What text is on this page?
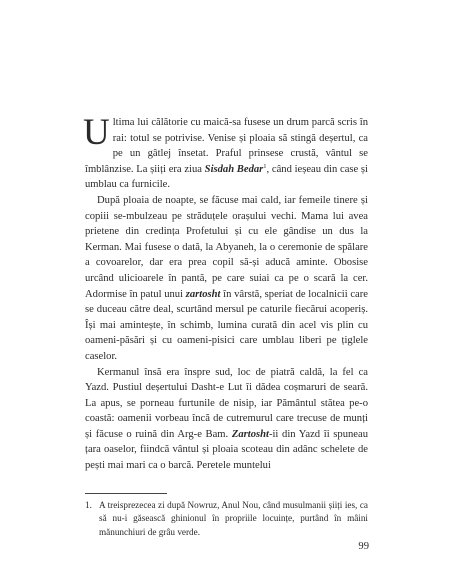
Ultima lui călătorie cu maică-sa fusese un drum parcă scris în rai: totul se potrivise. Venise și ploaia să stingă deșertul, ca pe un gâtlej însetat. Praful prinsese crustă, vântul se îmblânzise. La șiiți era ziua Sisdah Bedar$^1$, când ieșeau din case și umblau ca furnicile.

După ploaia de noapte, se făcuse mai cald, iar femeile tinere și copiii se-mbulzeau pe străduțele orașului vechi. Mama lui avea prietene din credința Profetului și cu ele gândise un dus la Kerman. Mai fusese o dată, la Abyaneh, la o ceremonie de spălare a covoarelor, dar era prea copil să-și aducă aminte. Obosise urcând ulicioarele în pantă, pe care suiai ca pe o scară la cer. Adormise în patul unui zartosht în vârstă, speriat de localnicii care se duceau către deal, scurtând mersul pe caturile fiecărui acoperiș. Își mai amintește, în schimb, lumina curată din acel vis plin cu oameni-păsări și cu oameni-pisici care umblau liberi pe țiglele caselor.

Kermanul însă era înspre sud, loc de piatră caldă, la fel ca Yazd. Pustiul deșertului Dasht-e Lut îi dădea coșmaruri de seară. La apus, se porneau furtunile de nisip, iar Pământul stătea pe-o coastă: oamenii vorbeau încă de cutremurul care trecuse de munți și făcuse o ruină din Arg-e Bam. Zartosht-ii din Yazd îi spuneau țara oaselor, fiindcă vântul și ploaia scoteau din adânc schelete de pești mai mari ca o barcă. Peretele muntelui

1. A treisprezecea zi după Nowruz, Anul Nou, când musulmanii șiiți ies, ca să nu-i găsească ghinionul în propriile locuințe, purtând în mâini mănunchiuri de grâu verde.
99
